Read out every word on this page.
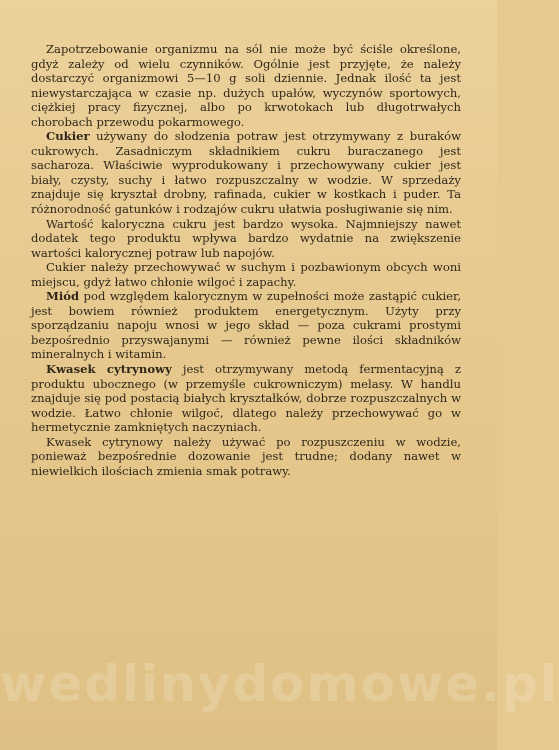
Zapotrzebowanie organizmu na sól nie może być ściśle określone, gdyż zależy od wielu czynników. Ogólnie jest przyjęte, że należy dostarczyć organizmowi 5—10 g soli dziennie. Jednak ilość ta jest niewystarczająca w czasie np. dużych upałów, wyczynów sportowych, ciężkiej pracy fizycznej, albo po krwotokach lub długotrwałych chorobach przewodu pokarmowego.

Cukier używany do słodzenia potraw jest otrzymywany z buraków cukrowych. Zasadniczym składnikiem cukru buraczanego jest sacharoza. Właściwie wyprodukowany i przechowywany cukier jest biały, czysty, suchy i łatwo rozpuszczalny w wodzie. W sprzedaży znajduje się kryształ drobny, rafinada, cukier w kostkach i puder. Ta różnorodność gatunków i rodzajów cukru ułatwia posługiwanie się nim.

Wartość kaloryczna cukru jest bardzo wysoka. Najmniejszy nawet dodatek tego produktu wpływa bardzo wydatnie na zwiększenie wartości kalorycznej potraw lub napojów.

Cukier należy przechowywać w suchym i pozbawionym obcych woni miejscu, gdyż łatwo chłonie wilgoć i zapachy.

Miód pod względem kalorycznym w zupełności może zastąpić cukier, jest bowiem również produktem energetycznym. Użyty przy sporządzaniu napoju wnosi w jego skład — poza cukrami prostymi bezpośrednio przyswajanymi — również pewne ilości składników mineralnych i witamin.

Kwasek cytrynowy jest otrzymywany metodą fermentacyjną z produktu ubocznego (w przemyśle cukrowniczym) melasy. W handlu znajduje się pod postacią białych kryształków, dobrze rozpuszczalnych w wodzie. Łatwo chłonie wilgoć, dlatego należy przechowywać go w hermetycznie zamkniętych naczyniach.

Kwasek cytrynowy należy używać po rozpuszczeniu w wodzie, ponieważ bezpośrednie dozowanie jest trudne; dodany nawet w niewielkich ilościach zmienia smak potrawy.

wedlinydomowe.pl
